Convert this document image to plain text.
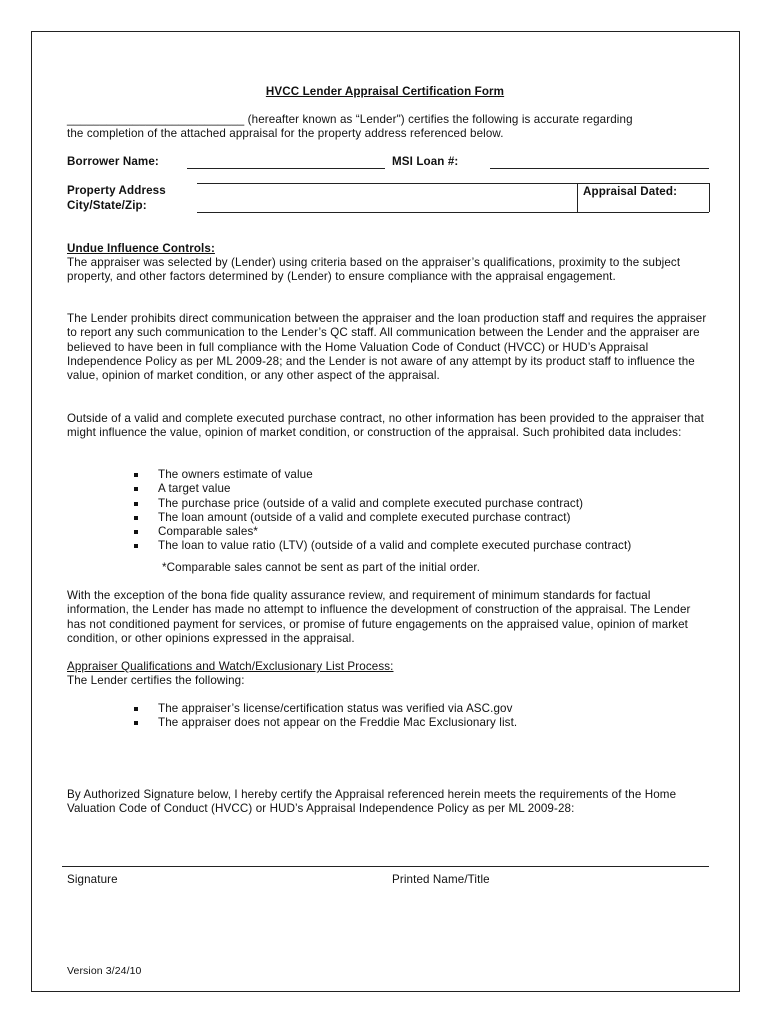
HVCC Lender Appraisal Certification Form
___________________________ (hereafter known as “Lender") certifies the following is accurate regarding
the completion of the attached appraisal for the property address referenced below.
Borrower Name:	MSI Loan #:
Property Address
City/State/Zip:
Appraisal Dated:
Undue Influence Controls:
The appraiser was selected by (Lender) using criteria based on the appraiser’s qualifications, proximity to the subject property, and other factors determined by (Lender) to ensure compliance with the appraisal engagement.
The Lender prohibits direct communication between the appraiser and the loan production staff and requires the appraiser to report any such communication to the Lender’s QC staff. All communication between the Lender and the appraiser are believed to have been in full compliance with the Home Valuation Code of Conduct (HVCC) or HUD’s Appraisal Independence Policy as per ML 2009-28; and the Lender is not aware of any attempt by its product staff to influence the value, opinion of market condition, or any other aspect of the appraisal.
Outside of a valid and complete executed purchase contract, no other information has been provided to the appraiser that might influence the value, opinion of market condition, or construction of the appraisal. Such prohibited data includes:
The owners estimate of value
A target value
The purchase price (outside of a valid and complete executed purchase contract)
The loan amount (outside of a valid and complete executed purchase contract)
Comparable sales*
The loan to value ratio (LTV) (outside of a valid and complete executed purchase contract)
*Comparable sales cannot be sent as part of the initial order.
With the exception of the bona fide quality assurance review, and requirement of minimum standards for factual information, the Lender has made no attempt to influence the development of construction of the appraisal. The Lender has not conditioned payment for services, or promise of future engagements on the appraised value, opinion of market condition, or other opinions expressed in the appraisal.
Appraiser Qualifications and Watch/Exclusionary List Process:
The Lender certifies the following:
The appraiser’s license/certification status was verified via ASC.gov
The appraiser does not appear on the Freddie Mac Exclusionary list.
By Authorized Signature below, I hereby certify the Appraisal referenced herein meets the requirements of the Home Valuation Code of Conduct (HVCC) or HUD’s Appraisal Independence Policy as per ML 2009-28:
Signature	Printed Name/Title
Version 3/24/10
